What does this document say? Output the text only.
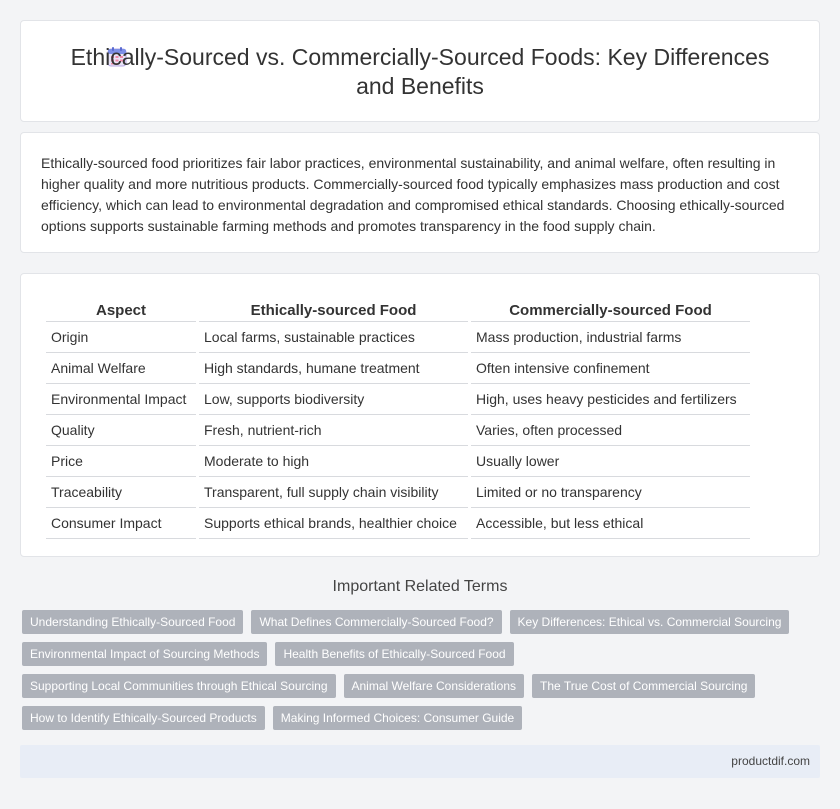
Ethically-Sourced vs. Commercially-Sourced Foods: Key Differences and Benefits

Ethically-sourced food prioritizes fair labor practices, environmental sustainability, and animal welfare, often resulting in higher quality and more nutritious products. Commercially-sourced food typically emphasizes mass production and cost efficiency, which can lead to environmental degradation and compromised ethical standards. Choosing ethically-sourced options supports sustainable farming methods and promotes transparency in the food supply chain.

Aspect	Ethically-sourced Food	Commercially-sourced Food
Origin	Local farms, sustainable practices	Mass production, industrial farms
Animal Welfare	High standards, humane treatment	Often intensive confinement
Environmental Impact	Low, supports biodiversity	High, uses heavy pesticides and fertilizers
Quality	Fresh, nutrient-rich	Varies, often processed
Price	Moderate to high	Usually lower
Traceability	Transparent, full supply chain visibility	Limited or no transparency
Consumer Impact	Supports ethical brands, healthier choice	Accessible, but less ethical
Important Related Terms
Understanding Ethically-Sourced Food	What Defines Commercially-Sourced Food?	Key Differences: Ethical vs. Commercial Sourcing
Environmental Impact of Sourcing Methods	Health Benefits of Ethically-Sourced Food
Supporting Local Communities through Ethical Sourcing	Animal Welfare Considerations	The True Cost of Commercial Sourcing
How to Identify Ethically-Sourced Products	Making Informed Choices: Consumer Guide
productdif.com
